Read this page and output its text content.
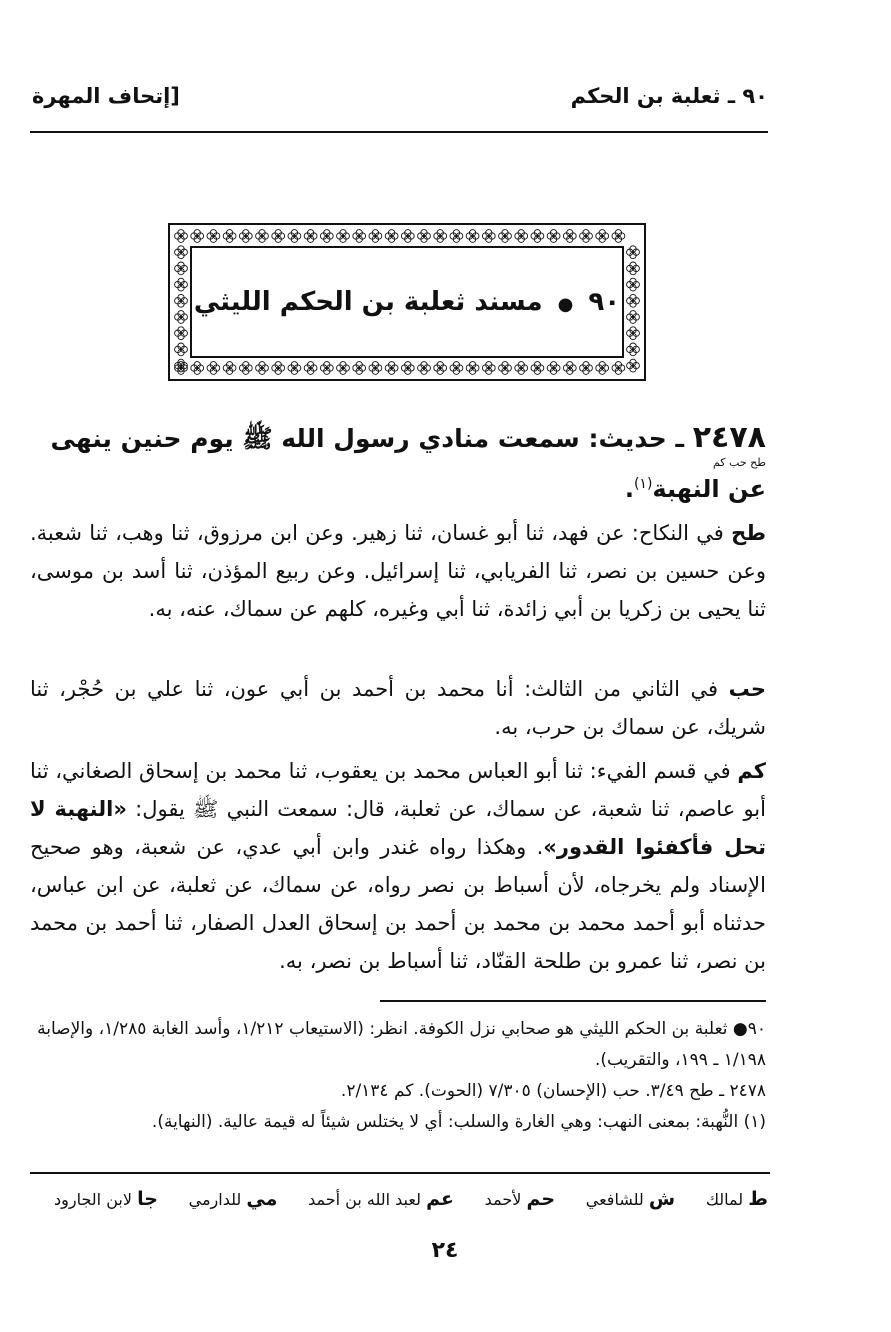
٩٠ ـ ثعلبة بن الحكم
[إتحاف المهرة
٩٠ ● مسند ثعلبة بن الحكم الليثي
٢٤٧٨ ـ حديث: سمعت منادي رسول الله ﷺ يوم حنين ينهى
طح حب كم
عن النهبة$^{(١)}$.
طح في النكاح: عن فهد، ثنا أبو غسان، ثنا زهير. وعن ابن مرزوق، ثنا وهب، ثنا شعبة. وعن حسين بن نصر، ثنا الفريابي، ثنا إسرائيل. وعن ربيع المؤذن، ثنا أسد بن موسى، ثنا يحيى بن زكريا بن أبي زائدة، ثنا أبي وغيره، كلهم عن سماك، عنه، به.
حب في الثاني من الثالث: أنا محمد بن أحمد بن أبي عون، ثنا علي بن حُجْر، ثنا شريك، عن سماك بن حرب، به.
كم في قسم الفيء: ثنا أبو العباس محمد بن يعقوب، ثنا محمد بن إسحاق الصغاني، ثنا أبو عاصم، ثنا شعبة، عن سماك، عن ثعلبة، قال: سمعت النبي ﷺ يقول: «النهبة لا تحل فأكفئوا القدور». وهكذا رواه غندر وابن أبي عدي، عن شعبة، وهو صحيح الإسناد ولم يخرجاه، لأن أسباط بن نصر رواه، عن سماك، عن ثعلبة، عن ابن عباس، حدثناه أبو أحمد محمد بن محمد بن أحمد بن إسحاق العدل الصفار، ثنا أحمد بن محمد بن نصر، ثنا عمرو بن طلحة القنّاد، ثنا أسباط بن نصر، به.

٩٠● ثعلبة بن الحكم الليثي هو صحابي نزل الكوفة. انظر: (الاستيعاب ١/٢١٢، وأسد الغابة ١/٢٨٥، والإصابة ١/١٩٨ ـ ١٩٩، والتقريب).

٢٤٧٨ ـ طح ٣/٤٩. حب (الإحسان) ٧/٣٠٥ (الحوت). كم ٢/١٣٤.

(١) النُّهبة: بمعنى النهب: وهي الغارة والسلب: أي لا يختلس شيئاً له قيمة عالية. (النهاية).

ط لمالك
ش للشافعي
حم لأحمد
عم لعبد الله بن أحمد
مي للدارمي
جا لابن الجارود
٢٤
